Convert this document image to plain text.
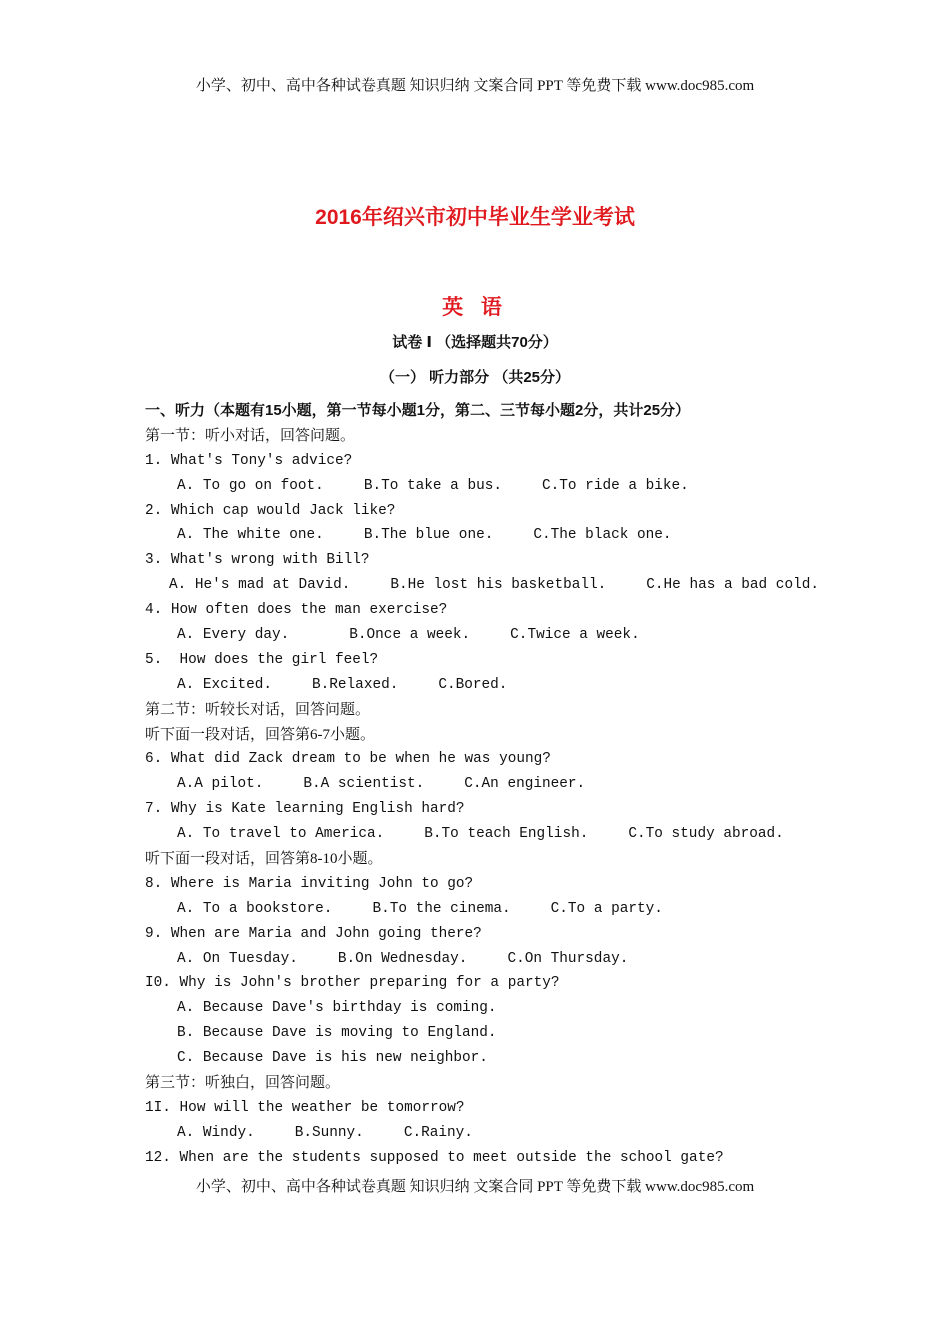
小学、初中、高中各种试卷真题 知识归纳 文案合同 PPT 等免费下载 www.doc985.com
2016年绍兴市初中毕业生学业考试
英 语
试卷 Ⅰ （选择题共70分）
（一） 听力部分 （共25分）
一、听力（本题有15小题，第一节每小题1分，第二、三节每小题2分，共计25分）
第一节：听小对话，回答问题。
1. What's Tony's advice?
A. To go on foot.	B.To take a bus.	C.To ride a bike.
2. Which cap would Jack like?
A. The white one.	B.The blue one.	C.The black one.
3. What's wrong with Bill?
A. He's mad at David.	B.He lost his basketball.	C.He has a bad cold.
4. How often does the man exercise?
A. Every day.	B.Once a week.	C.Twice a week.
5.  How does the girl feel?
A. Excited.	B.Relaxed.	C.Bored.
第二节：听较长对话，回答问题。
听下面一段对话，回答第6-7小题。
6. What did Zack dream to be when he was young?
A.A pilot.	B.A scientist.	C.An engineer.
7. Why is Kate learning English hard?
A. To travel to America.	B.To teach English.	C.To study abroad.
听下面一段对话，回答第8-10小题。
8. Where is Maria inviting John to go?
A. To a bookstore.	B.To the cinema.	C.To a party.
9. When are Maria and John going there?
A. On Tuesday.	B.On Wednesday.	C.On Thursday.
I0. Why is John's brother preparing for a party?
A. Because Dave's birthday is coming.
B. Because Dave is moving to England.
C. Because Dave is his new neighbor.
第三节：听独白，回答问题。
1I. How will the weather be tomorrow?
A. Windy.	B.Sunny.	C.Rainy.
12. When are the students supposed to meet outside the school gate?
小学、初中、高中各种试卷真题 知识归纳 文案合同 PPT 等免费下载 www.doc985.com
